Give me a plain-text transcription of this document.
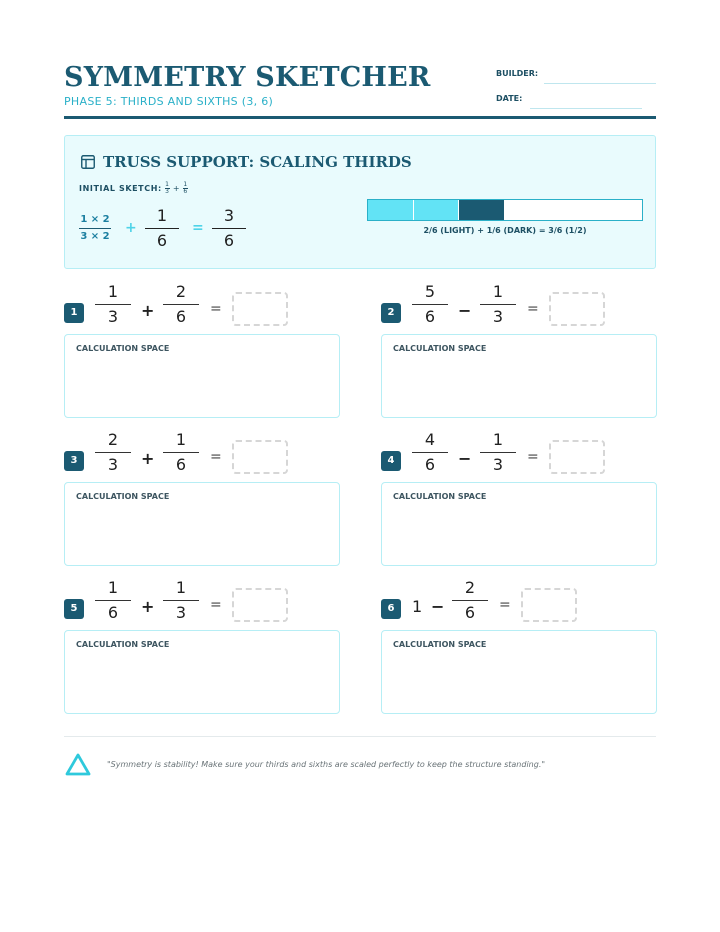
SYMMETRY SKETCHER
PHASE 5: THIRDS AND SIXTHS (3, 6)
BUILDER:
DATE:
TRUSS SUPPORT: SCALING THIRDS
INITIAL SKETCH: $\frac{1}{3} + \frac{1}{6}$
1 × 2
3 × 2
+
1
6
=
3
6
2/6 (LIGHT) + 1/6 (DARK) = 3/6 (1/2)
1
1
3 +
2
6 =
CALCULATION SPACE
2
5
6 −
1
3 =
CALCULATION SPACE
3
2
3 +
1
6 =
CALCULATION SPACE
4
4
6 −
1
3 =
CALCULATION SPACE
5
1
6 +
1
3 =
CALCULATION SPACE
6	1 −
2
6 =
CALCULATION SPACE
"Symmetry is stability! Make sure your thirds and sixths are scaled perfectly to keep the structure standing."
